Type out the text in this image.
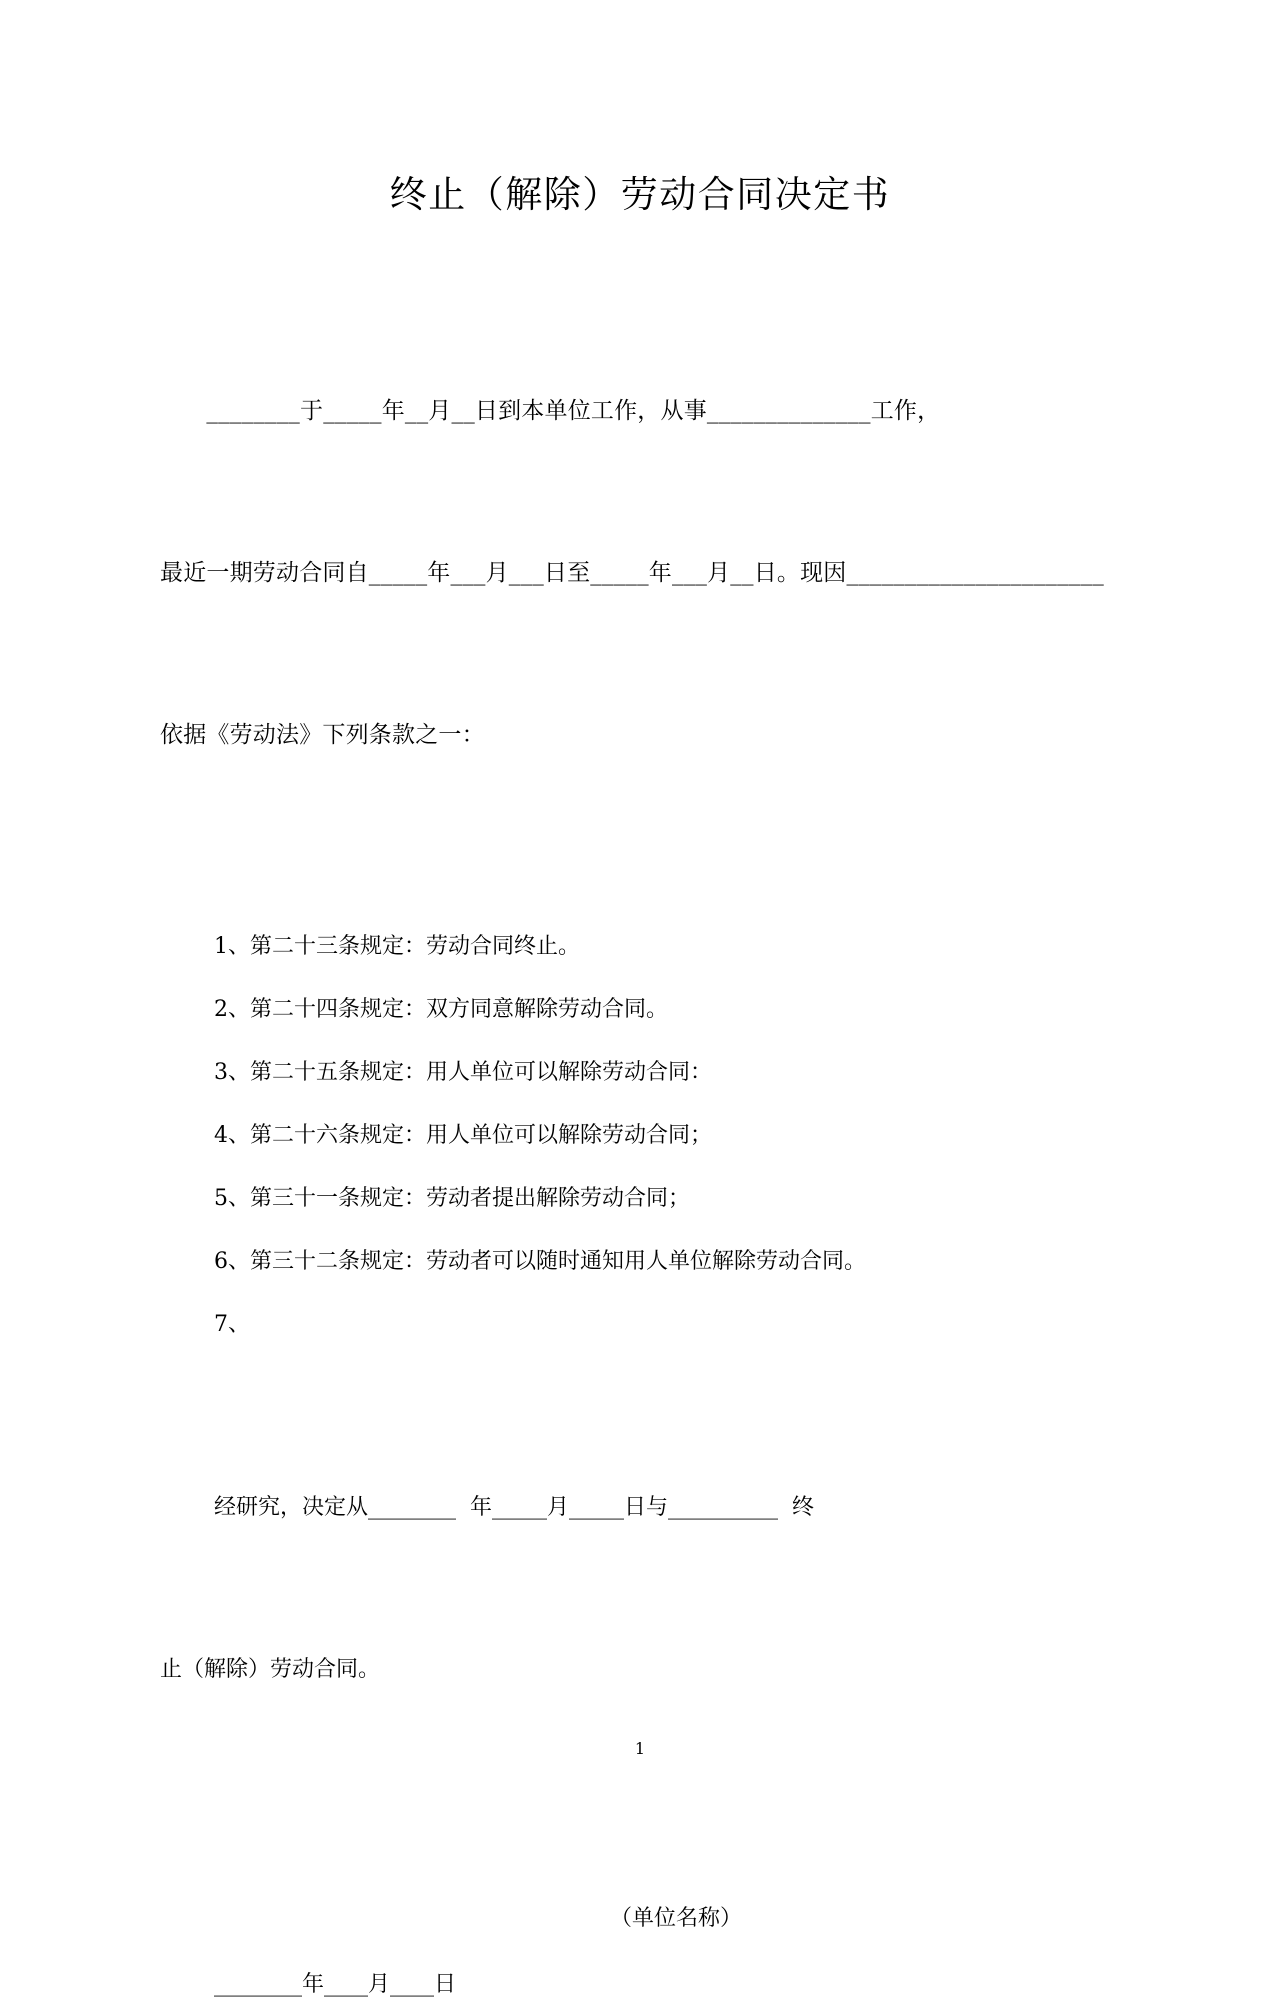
终止（解除）劳动合同决定书

　　________于_____年__月__日到本单位工作，从事______________工作，

最近一期劳动合同自_____年___月___日至_____年___月__日。现因______________________

依据《劳动法》下列条款之一：

1、第二十三条规定：劳动合同终止。
2、第二十四条规定：双方同意解除劳动合同。
3、第二十五条规定：用人单位可以解除劳动合同：
4、第二十六条规定：用人单位可以解除劳动合同；
5、第三十一条规定：劳动者提出解除劳动合同；
6、第三十二条规定：劳动者可以随时通知用人单位解除劳动合同。
7、

经研究，决定从________  年_____月_____日与__________  终

止（解除）劳动合同。

（单位名称）
________年____月____日
1
